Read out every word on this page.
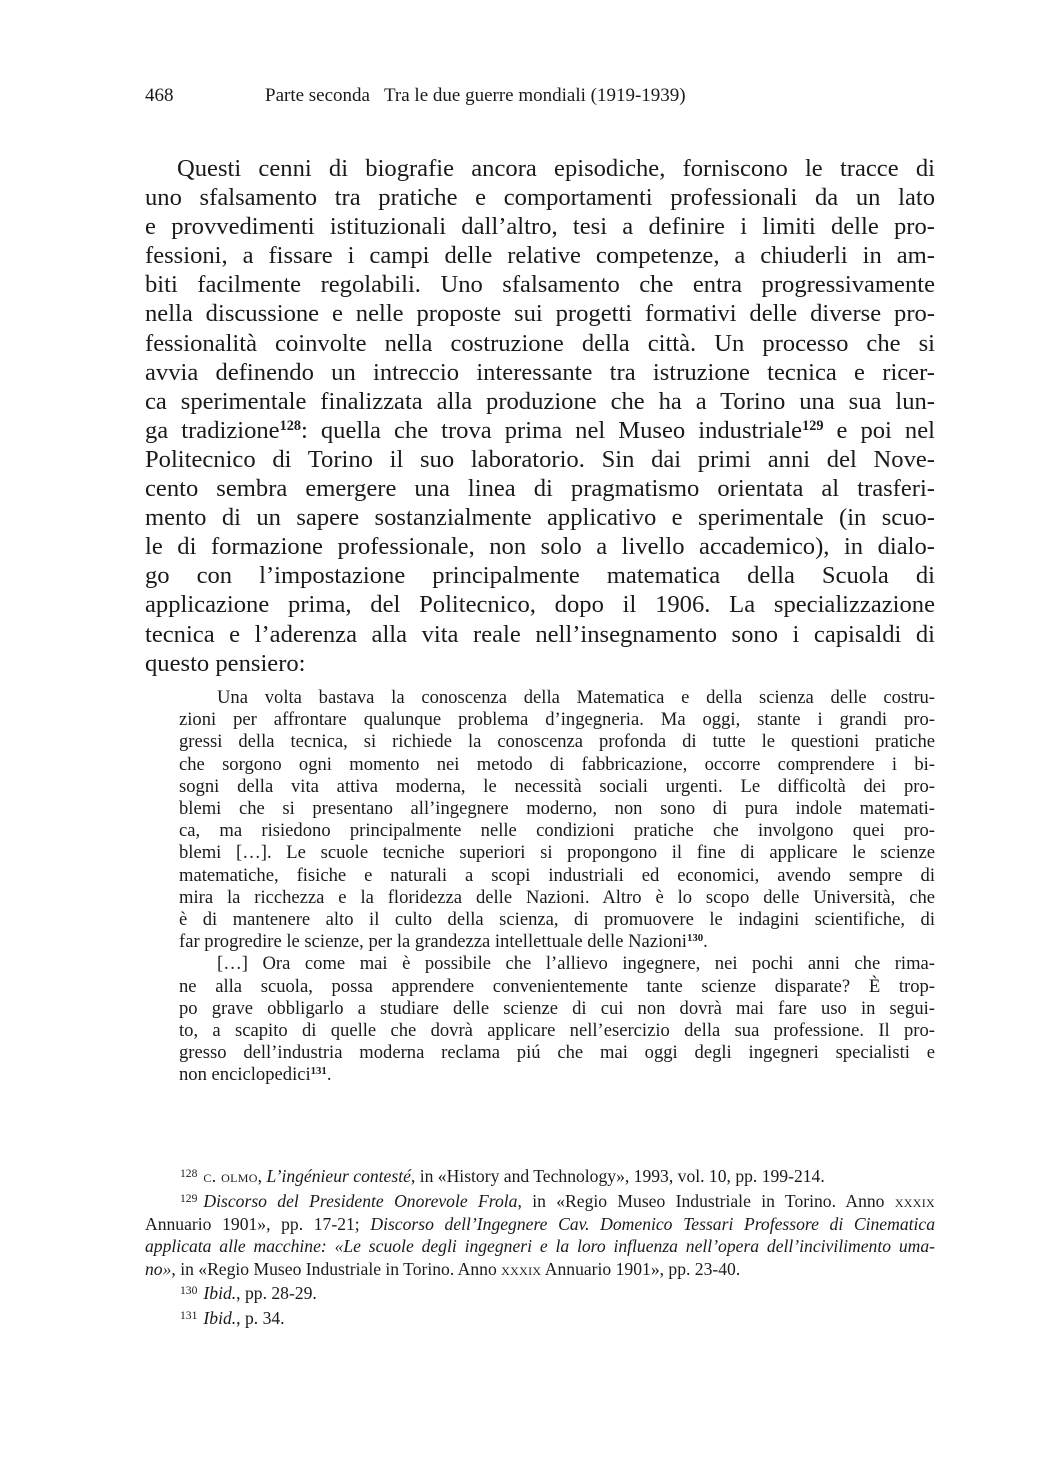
468	Parte seconda Tra le due guerre mondiali (1919-1939)
Questi cenni di biografie ancora episodiche, forniscono le tracce di
uno sfalsamento tra pratiche e comportamenti professionali da un lato
e provvedimenti istituzionali dall’altro, tesi a definire i limiti delle pro-
fessioni, a fissare i campi delle relative competenze, a chiuderli in am-
biti facilmente regolabili. Uno sfalsamento che entra progressivamente
nella discussione e nelle proposte sui progetti formativi delle diverse pro-
fessionalità coinvolte nella costruzione della città. Un processo che si
avvia definendo un intreccio interessante tra istruzione tecnica e ricer-
ca sperimentale finalizzata alla produzione che ha a Torino una sua lun-
ga tradizione$^{128}$: quella che trova prima nel Museo industriale$^{129}$ e poi nel
Politecnico di Torino il suo laboratorio. Sin dai primi anni del Nove-
cento sembra emergere una linea di pragmatismo orientata al trasferi-
mento di un sapere sostanzialmente applicativo e sperimentale (in scuo-
le di formazione professionale, non solo a livello accademico), in dialo-
go con l’impostazione principalmente matematica della Scuola di
applicazione prima, del Politecnico, dopo il 1906. La specializzazione
tecnica e l’aderenza alla vita reale nell’insegnamento sono i capisaldi di
questo pensiero:
Una volta bastava la conoscenza della Matematica e della scienza delle costru-
zioni per affrontare qualunque problema d’ingegneria. Ma oggi, stante i grandi pro-
gressi della tecnica, si richiede la conoscenza profonda di tutte le questioni pratiche
che sorgono ogni momento nei metodo di fabbricazione, occorre comprendere i bi-
sogni della vita attiva moderna, le necessità sociali urgenti. Le difficoltà dei pro-
blemi che si presentano all’ingegnere moderno, non sono di pura indole matemati-
ca, ma risiedono principalmente nelle condizioni pratiche che involgono quei pro-
blemi […]. Le scuole tecniche superiori si propongono il fine di applicare le scienze
matematiche, fisiche e naturali a scopi industriali ed economici, avendo sempre di
mira la ricchezza e la floridezza delle Nazioni. Altro è lo scopo delle Università, che
è di mantenere alto il culto della scienza, di promuovere le indagini scientifiche, di
far progredire le scienze, per la grandezza intellettuale delle Nazioni$^{130}$.
[…] Ora come mai è possibile che l’allievo ingegnere, nei pochi anni che rima-
ne alla scuola, possa apprendere convenientemente tante scienze disparate? È trop-
po grave obbligarlo a studiare delle scienze di cui non dovrà mai fare uso in segui-
to, a scapito di quelle che dovrà applicare nell’esercizio della sua professione. Il pro-
gresso dell’industria moderna reclama piú che mai oggi degli ingegneri specialisti e
non enciclopedici$^{131}$.
$^{128}$ c. olmo, L’ingénieur contesté, in «History and Technology», 1993, vol. 10, pp. 199-214.
$^{129}$ Discorso del Presidente Onorevole Frola, in «Regio Museo Industriale in Torino. Anno xxxix
Annuario 1901», pp. 17-21; Discorso dell’Ingegnere Cav. Domenico Tessari Professore di Cinematica
applicata alle macchine: «Le scuole degli ingegneri e la loro influenza nell’opera dell’incivilimento uma-
no», in «Regio Museo Industriale in Torino. Anno xxxix Annuario 1901», pp. 23-40.
$^{130}$ Ibid., pp. 28-29.
$^{131}$ Ibid., p. 34.
